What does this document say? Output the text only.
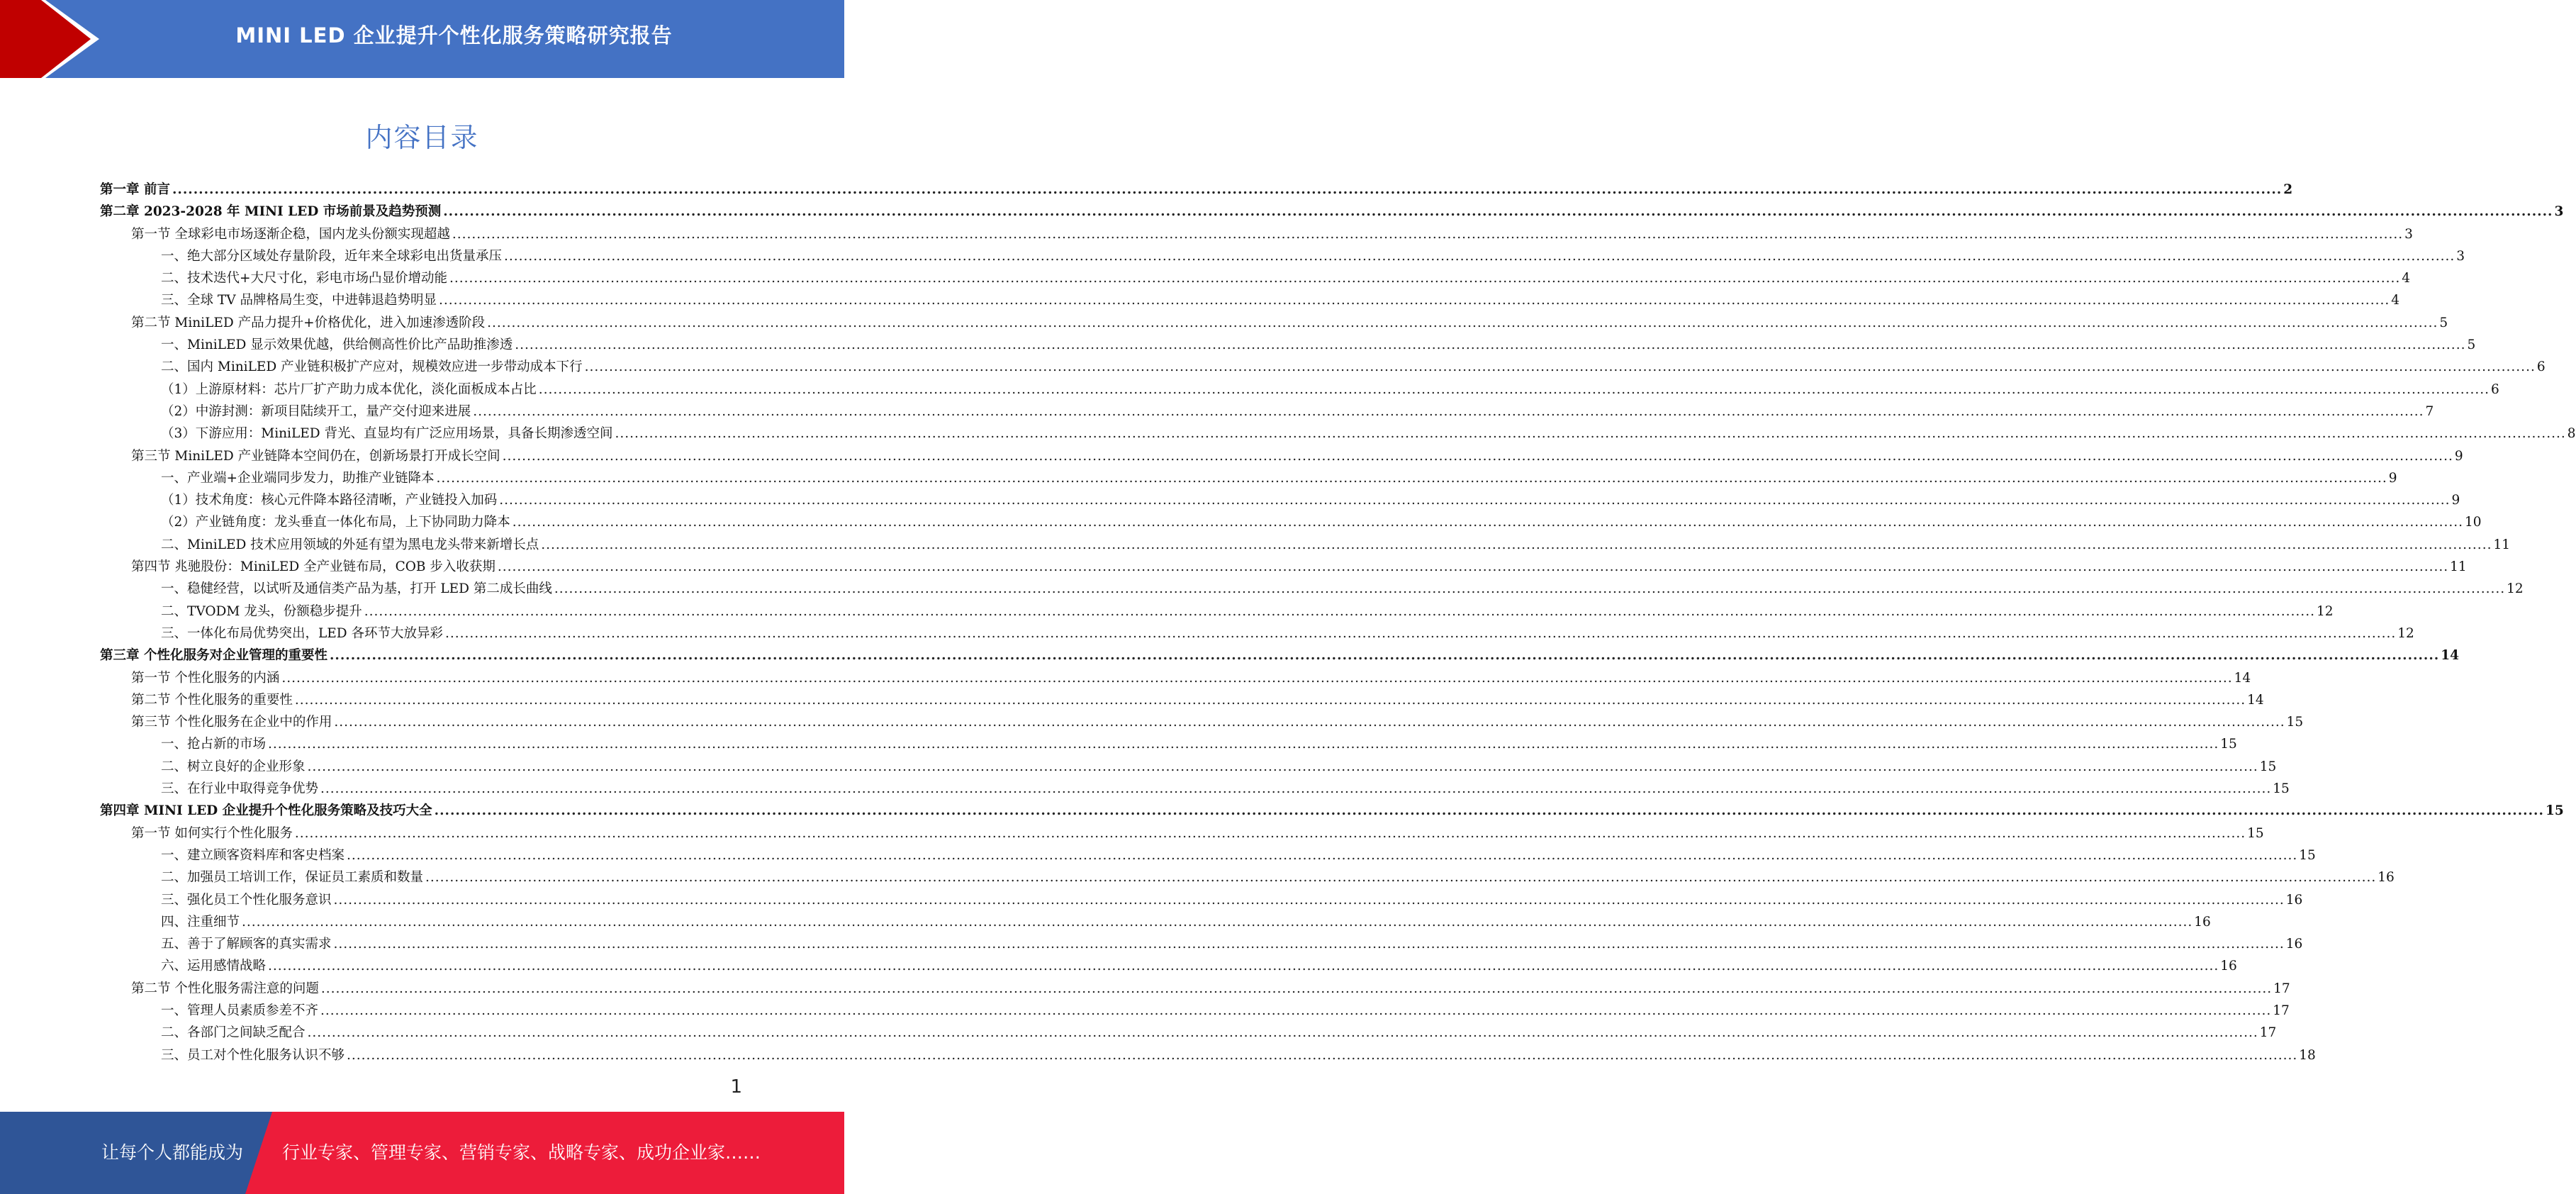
MINI LED 企业提升个性化服务策略研究报告
内容目录
第一章 前言 ................................................................................................................................................................................................................................................................................................................................................................................................................ 2
第二章 2023-2028 年 MINI LED 市场前景及趋势预测 ................................................................................................................................................................................................................................................................................................................................................................................................................ 3
第一节 全球彩电市场逐渐企稳，国内龙头份额实现超越 ................................................................................................................................................................................................................................................................................................................................................................................................................ 3
一、绝大部分区域处存量阶段，近年来全球彩电出货量承压 ................................................................................................................................................................................................................................................................................................................................................................................................................ 3
二、技术迭代+大尺寸化，彩电市场凸显价增动能 ................................................................................................................................................................................................................................................................................................................................................................................................................ 4
三、全球 TV 品牌格局生变，中进韩退趋势明显 ................................................................................................................................................................................................................................................................................................................................................................................................................ 4
第二节 MiniLED 产品力提升+价格优化，进入加速渗透阶段 ................................................................................................................................................................................................................................................................................................................................................................................................................ 5
一、MiniLED 显示效果优越，供给侧高性价比产品助推渗透 ................................................................................................................................................................................................................................................................................................................................................................................................................ 5
二、国内 MiniLED 产业链积极扩产应对，规模效应进一步带动成本下行 ................................................................................................................................................................................................................................................................................................................................................................................................................ 6
（1）上游原材料：芯片厂扩产助力成本优化，淡化面板成本占比 ................................................................................................................................................................................................................................................................................................................................................................................................................ 6
（2）中游封测：新项目陆续开工，量产交付迎来进展 ................................................................................................................................................................................................................................................................................................................................................................................................................ 7
（3）下游应用：MiniLED 背光、直显均有广泛应用场景，具备长期渗透空间 ................................................................................................................................................................................................................................................................................................................................................................................................................ 8
第三节 MiniLED 产业链降本空间仍在，创新场景打开成长空间 ................................................................................................................................................................................................................................................................................................................................................................................................................ 9
一、产业端+企业端同步发力，助推产业链降本 ................................................................................................................................................................................................................................................................................................................................................................................................................ 9
（1）技术角度：核心元件降本路径清晰，产业链投入加码 ................................................................................................................................................................................................................................................................................................................................................................................................................ 9
（2）产业链角度：龙头垂直一体化布局，上下协同助力降本 ................................................................................................................................................................................................................................................................................................................................................................................................................ 10
二、MiniLED 技术应用领域的外延有望为黑电龙头带来新增长点 ................................................................................................................................................................................................................................................................................................................................................................................................................ 11
第四节 兆驰股份：MiniLED 全产业链布局，COB 步入收获期 ................................................................................................................................................................................................................................................................................................................................................................................................................ 11
一、稳健经营，以试听及通信类产品为基，打开 LED 第二成长曲线 ................................................................................................................................................................................................................................................................................................................................................................................................................ 12
二、TVODM 龙头，份额稳步提升 ................................................................................................................................................................................................................................................................................................................................................................................................................ 12
三、一体化布局优势突出，LED 各环节大放异彩 ................................................................................................................................................................................................................................................................................................................................................................................................................ 12
第三章 个性化服务对企业管理的重要性 ................................................................................................................................................................................................................................................................................................................................................................................................................ 14
第一节 个性化服务的内涵 ................................................................................................................................................................................................................................................................................................................................................................................................................ 14
第二节 个性化服务的重要性 ................................................................................................................................................................................................................................................................................................................................................................................................................ 14
第三节 个性化服务在企业中的作用 ................................................................................................................................................................................................................................................................................................................................................................................................................ 15
一、抢占新的市场 ................................................................................................................................................................................................................................................................................................................................................................................................................ 15
二、树立良好的企业形象 ................................................................................................................................................................................................................................................................................................................................................................................................................ 15
三、在行业中取得竞争优势 ................................................................................................................................................................................................................................................................................................................................................................................................................ 15
第四章 MINI LED 企业提升个性化服务策略及技巧大全 ................................................................................................................................................................................................................................................................................................................................................................................................................ 15
第一节 如何实行个性化服务 ................................................................................................................................................................................................................................................................................................................................................................................................................ 15
一、建立顾客资料库和客史档案 ................................................................................................................................................................................................................................................................................................................................................................................................................ 15
二、加强员工培训工作，保证员工素质和数量 ................................................................................................................................................................................................................................................................................................................................................................................................................ 16
三、强化员工个性化服务意识 ................................................................................................................................................................................................................................................................................................................................................................................................................ 16
四、注重细节 ................................................................................................................................................................................................................................................................................................................................................................................................................ 16
五、善于了解顾客的真实需求 ................................................................................................................................................................................................................................................................................................................................................................................................................ 16
六、运用感情战略 ................................................................................................................................................................................................................................................................................................................................................................................................................ 16
第二节 个性化服务需注意的问题 ................................................................................................................................................................................................................................................................................................................................................................................................................ 17
一、管理人员素质参差不齐 ................................................................................................................................................................................................................................................................................................................................................................................................................ 17
二、各部门之间缺乏配合 ................................................................................................................................................................................................................................................................................................................................................................................................................ 17
三、员工对个性化服务认识不够 ................................................................................................................................................................................................................................................................................................................................................................................................................ 18
1
让每个人都能成为 行业专家、管理专家、营销专家、战略专家、成功企业家……
